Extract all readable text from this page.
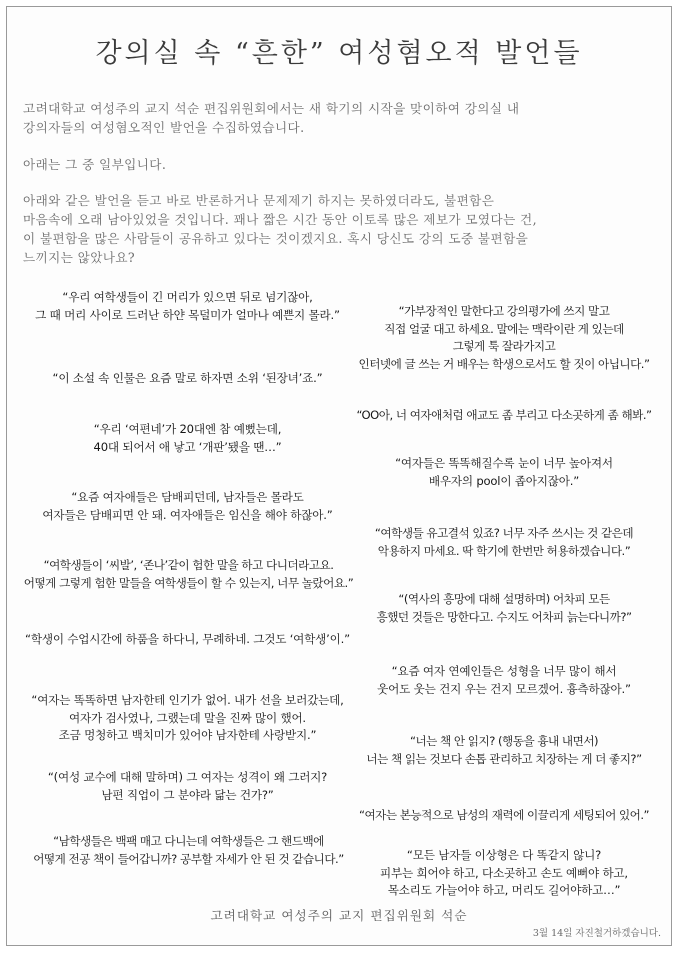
강의실 속 “흔한” 여성혐오적 발언들
고려대학교 여성주의 교지 석순 편집위원회에서는 새 학기의 시작을 맞이하여 강의실 내
강의자들의 여성혐오적인 발언을 수집하였습니다.
아래는 그 중 일부입니다.
아래와 같은 발언을 듣고 바로 반론하거나 문제제기 하지는 못하였더라도, 불편함은
마음속에 오래 남아있었을 것입니다. 꽤나 짧은 시간 동안 이토록 많은 제보가 모였다는 건,
이 불편함을 많은 사람들이 공유하고 있다는 것이겠지요. 혹시 당신도 강의 도중 불편함을
느끼지는 않았나요?
“우리 여학생들이 긴 머리가 있으면 뒤로 넘기잖아,
그 때 머리 사이로 드러난 하얀 목덜미가 얼마나 예쁜지 몰라.”
“이 소설 속 인물은 요즘 말로 하자면 소위 ‘된장녀’죠.”
“우리 ‘여편네’가 20대엔 참 예뻤는데,
40대 되어서 애 낳고 ‘개판’됐을 땐…”
“요즘 여자애들은 담배피던데, 남자들은 몰라도
여자들은 담배피면 안 돼. 여자애들은 임신을 해야 하잖아.”
“여학생들이 ‘씨발’, ‘존나’같이 험한 말을 하고 다니더라고요.
어떻게 그렇게 험한 말들을 여학생들이 할 수 있는지, 너무 놀랐어요.”
“학생이 수업시간에 하품을 하다니, 무례하네. 그것도 ‘여학생’이.”
“여자는 똑똑하면 남자한테 인기가 없어. 내가 선을 보러갔는데,
여자가 검사였나, 그랬는데 말을 진짜 많이 했어.
조금 멍청하고 백치미가 있어야 남자한테 사랑받지.”
“(여성 교수에 대해 말하며) 그 여자는 성격이 왜 그러지?
남편 직업이 그 분야라 닮는 건가?”
“남학생들은 백팩 매고 다니는데 여학생들은 그 핸드백에
어떻게 전공 책이 들어갑니까? 공부할 자세가 안 된 것 같습니다.”
“가부장적인 말한다고 강의평가에 쓰지 말고
직접 얼굴 대고 하세요. 말에는 맥락이란 게 있는데
그렇게 툭 잘라가지고
인터넷에 글 쓰는 거 배우는 학생으로서도 할 짓이 아닙니다.”
“OO아, 너 여자애처럼 애교도 좀 부리고 다소곳하게 좀 해봐.”
“여자들은 똑똑해질수록 눈이 너무 높아져서
배우자의 pool이 좁아지잖아.”
“여학생들 유고결석 있죠? 너무 자주 쓰시는 것 같은데
악용하지 마세요. 딱 학기에 한번만 허용하겠습니다.”
“(역사의 흥망에 대해 설명하며) 어차피 모든
흥했던 것들은 망한다고. 수지도 어차피 늙는다니까?”
“요즘 여자 연예인들은 성형을 너무 많이 해서
웃어도 웃는 건지 우는 건지 모르겠어. 흉측하잖아.”
“너는 책 안 읽지? (행동을 흉내 내면서)
너는 책 읽는 것보다 손톱 관리하고 치장하는 게 더 좋지?”
“여자는 본능적으로 남성의 재력에 이끌리게 세팅되어 있어.”
“모든 남자들 이상형은 다 똑같지 않니?
피부는 희어야 하고, 다소곳하고 손도 예뻐야 하고,
목소리도 가늘어야 하고, 머리도 길어야하고…”
고려대학교 여성주의 교지 편집위원회 석순
3월 14일 자진철거하겠습니다.
